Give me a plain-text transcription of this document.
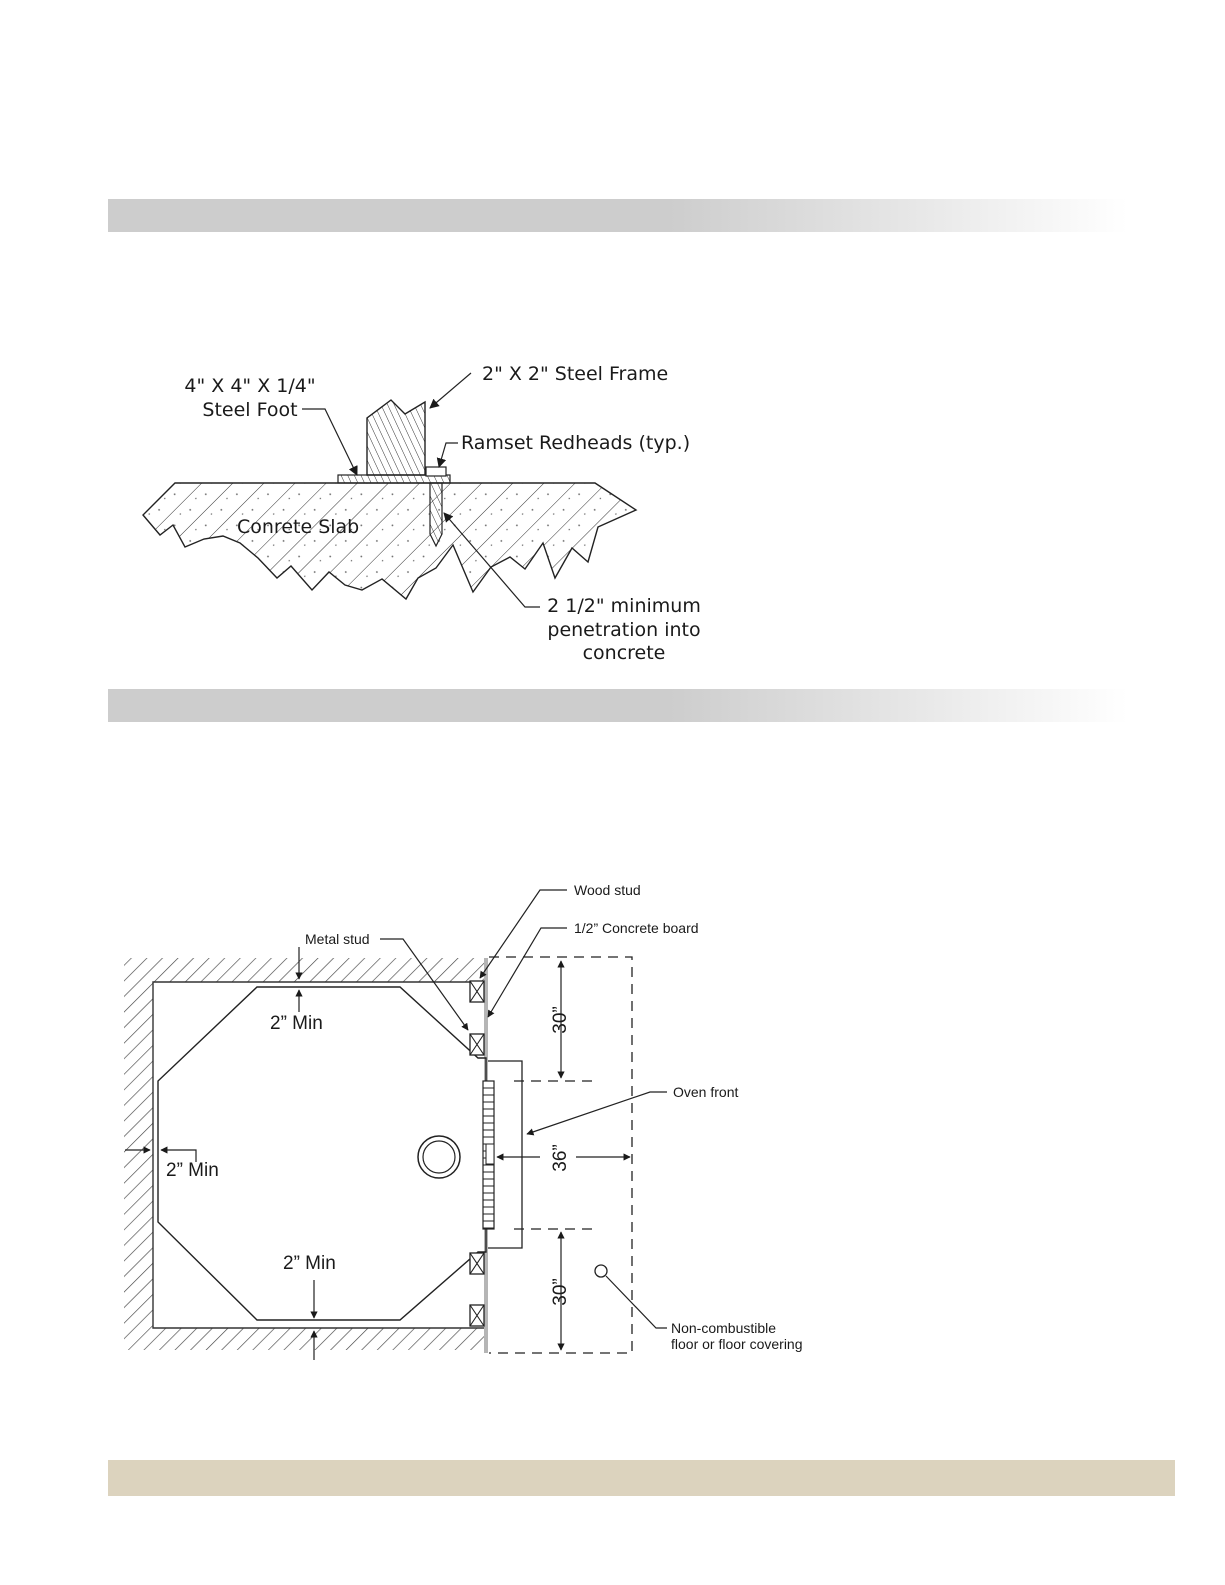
4" X 4" X 1/4"
Steel Foot
2" X 2" Steel Frame
Ramset Redheads (typ.)
Conrete Slab
2 1/2" minimum
penetration into
concrete
Wood stud
1/2” Concrete board
Metal stud
Oven front
Non-combustible
floor or floor covering
2” Min
2” Min
2” Min
30”
36”
30”
